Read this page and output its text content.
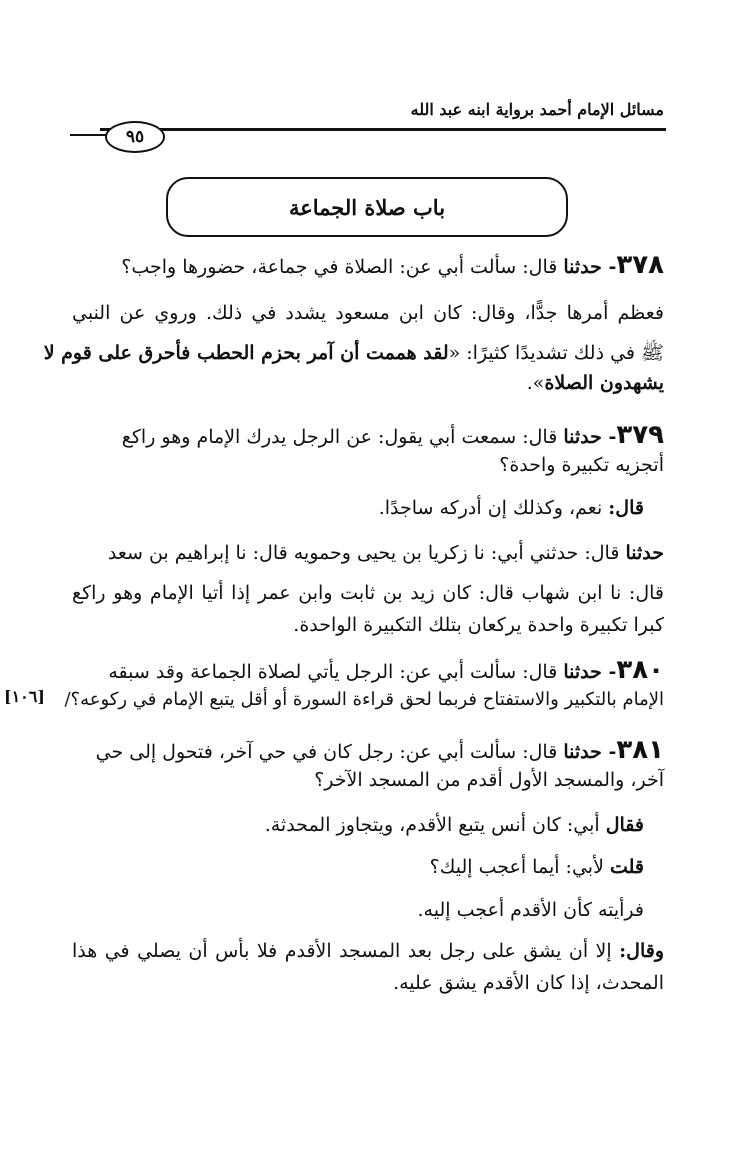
مسائل الإمام أحمد برواية ابنه عبد الله
٩٥
باب صلاة الجماعة
٣٧٨- حدثنا قال: سألت أبي عن: الصلاة في جماعة، حضورها واجب؟
فعظم أمرها جدًّا، وقال: كان ابن مسعود يشدد في ذلك. وروي عن النبي
ﷺ في ذلك تشديدًا كثيرًا: «لقد هممت أن آمر بحزم الحطب فأحرق على قوم لا
يشهدون الصلاة».
٣٧٩- حدثنا قال: سمعت أبي يقول: عن الرجل يدرك الإمام وهو راكع
أتجزيه تكبيرة واحدة؟
قال: نعم، وكذلك إن أدركه ساجدًا.
حدثنا قال: حدثني أبي: نا زكريا بن يحيى وحمويه قال: نا إبراهيم بن سعد
قال: نا ابن شهاب قال: كان زيد بن ثابت وابن عمر إذا أتيا الإمام وهو راكع
كبرا تكبيرة واحدة يركعان بتلك التكبيرة الواحدة.
٣٨٠- حدثنا قال: سألت أبي عن: الرجل يأتي لصلاة الجماعة وقد سبقه
الإمام بالتكبير والاستفتاح فربما لحق قراءة السورة أو أقل يتبع الإمام في ركوعه؟/
[١٠٦]
٣٨١- حدثنا قال: سألت أبي عن: رجل كان في حي آخر، فتحول إلى حي
آخر، والمسجد الأول أقدم من المسجد الآخر؟
فقال أبي: كان أنس يتبع الأقدم، ويتجاوز المحدثة.
قلت لأبي: أيما أعجب إليك؟
فرأيته كأن الأقدم أعجب إليه.
وقال: إلا أن يشق على رجل بعد المسجد الأقدم فلا بأس أن يصلي في هذا
المحدث، إذا كان الأقدم يشق عليه.
